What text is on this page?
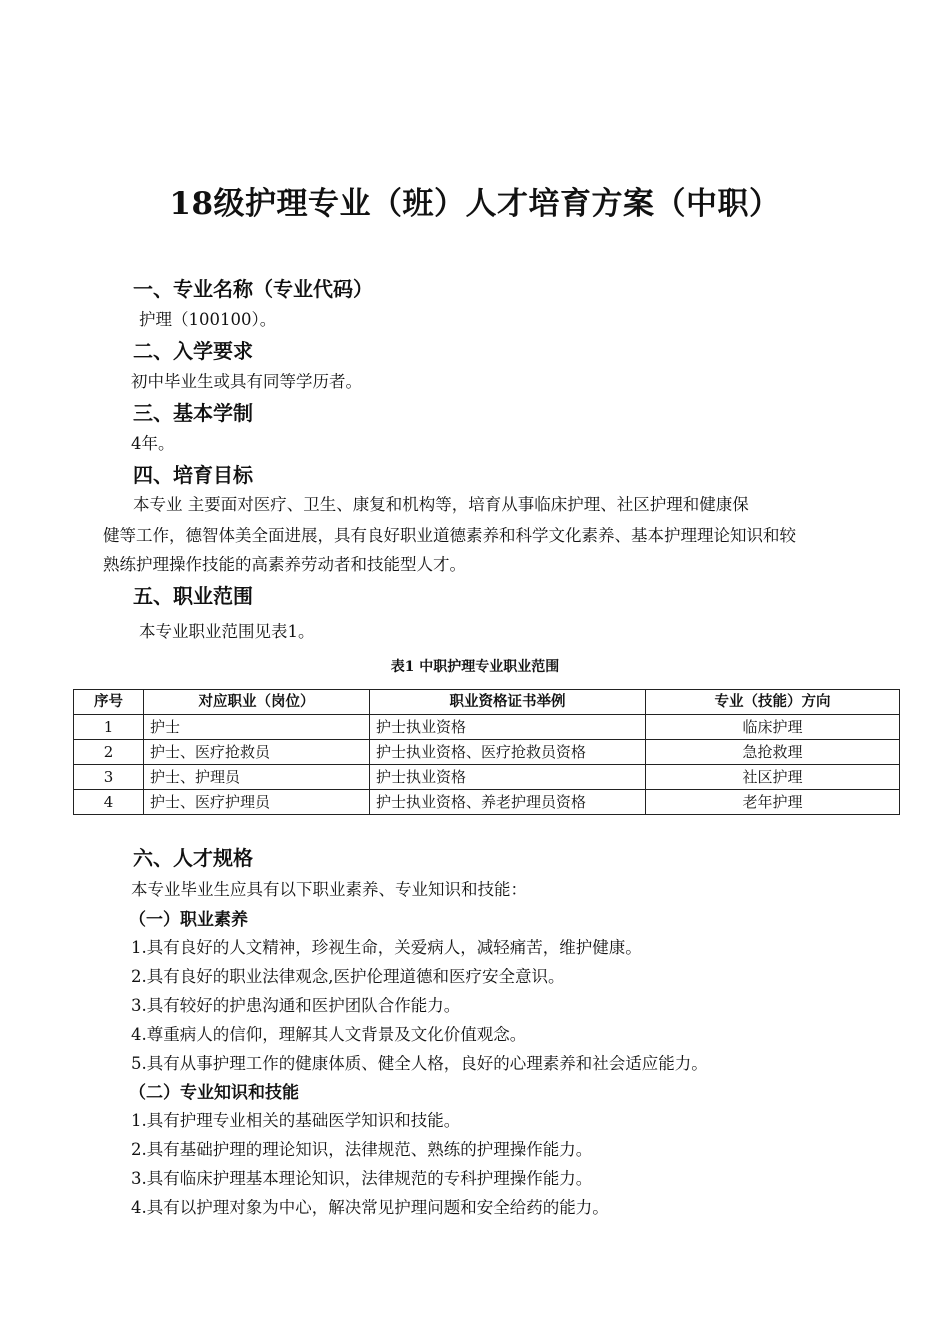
18级护理专业（班）人才培育方案（中职）
一、专业名称（专业代码）
护理（100100）。
二、入学要求
初中毕业生或具有同等学历者。
三、基本学制
4年。
四、培育目标
本专业 主要面对医疗、卫生、康复和机构等，培育从事临床护理、社区护理和健康保
健等工作，德智体美全面进展，具有良好职业道德素养和科学文化素养、基本护理理论知识和较
熟练护理操作技能的高素养劳动者和技能型人才。
五、职业范围
本专业职业范围见表1。
表1 中职护理专业职业范围
序号	对应职业（岗位）	职业资格证书举例	专业（技能）方向
1	护士	护士执业资格	临床护理
2	护士、医疗抢救员	护士执业资格、医疗抢救员资格	急抢救理
3	护士、护理员	护士执业资格	社区护理
4	护士、医疗护理员	护士执业资格、养老护理员资格	老年护理
六、人才规格
本专业毕业生应具有以下职业素养、专业知识和技能：
（一）职业素养
1.具有良好的人文精神，珍视生命，关爱病人，减轻痛苦，维护健康。
2.具有良好的职业法律观念,医护伦理道德和医疗安全意识。
3.具有较好的护患沟通和医护团队合作能力。
4.尊重病人的信仰，理解其人文背景及文化价值观念。
5.具有从事护理工作的健康体质、健全人格，良好的心理素养和社会适应能力。
（二）专业知识和技能
1.具有护理专业相关的基础医学知识和技能。
2.具有基础护理的理论知识，法律规范、熟练的护理操作能力。
3.具有临床护理基本理论知识，法律规范的专科护理操作能力。
4.具有以护理对象为中心，解决常见护理问题和安全给药的能力。
